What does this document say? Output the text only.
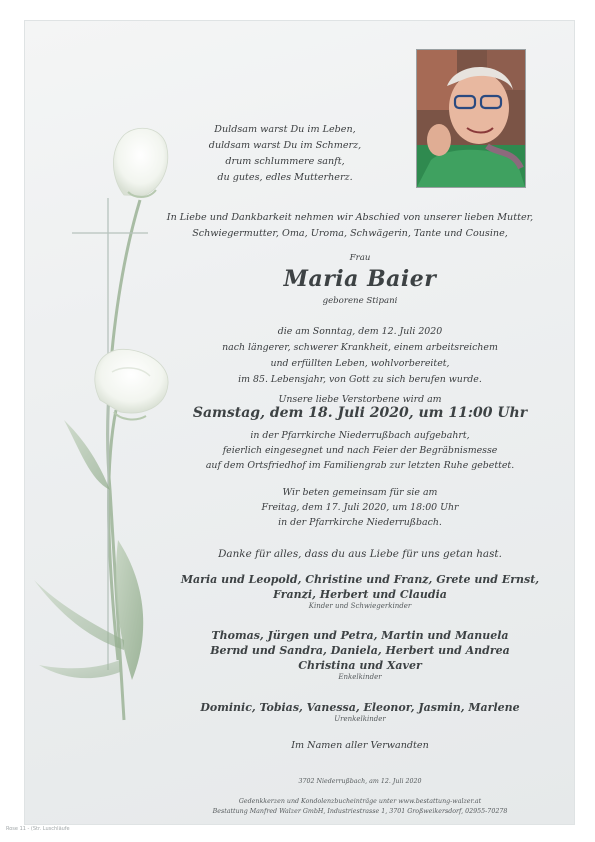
Duldsam warst Du im Leben,
duldsam warst Du im Schmerz,
drum schlummere sanft,
du gutes, edles Mutterherz.
In Liebe und Dankbarkeit nehmen wir Abschied von unserer lieben Mutter,
Schwiegermutter, Oma, Uroma, Schwägerin, Tante und Cousine,
Frau
Maria Baier
geborene Stipani
die am Sonntag, dem 12. Juli 2020
nach längerer, schwerer Krankheit, einem arbeitsreichem
und erfüllten Leben, wohlvorbereitet,
im 85. Lebensjahr, von Gott zu sich berufen wurde.
Unsere liebe Verstorbene wird am
Samstag, dem 18. Juli 2020, um 11:00 Uhr
in der Pfarrkirche Niederrußbach aufgebahrt,
feierlich eingesegnet und nach Feier der Begräbnismesse
auf dem Ortsfriedhof im Familiengrab zur letzten Ruhe gebettet.
Wir beten gemeinsam für sie am
Freitag, dem 17. Juli 2020, um 18:00 Uhr
in der Pfarrkirche Niederrußbach.
Danke für alles, dass du aus Liebe für uns getan hast.
Maria und Leopold, Christine und Franz, Grete und Ernst,
Franzi, Herbert und Claudia
Kinder und Schwiegerkinder
Thomas, Jürgen und Petra, Martin und Manuela
Bernd und Sandra, Daniela, Herbert und Andrea
Christina und Xaver
Enkelkinder
Dominic, Tobias, Vanessa, Eleonor, Jasmin, Marlene
Urenkelkinder
Im Namen aller Verwandten
3702 Niederrußbach, am 12. Juli 2020
Gedenkkerzen und Kondolenzbucheinträge unter www.bestattung-walzer.at
Bestattung Manfred Walzer GmbH, Industriestrasse 1, 3701 Großweikersdorf, 02955-70278
Rose 11 - (Str. Luschläufe
